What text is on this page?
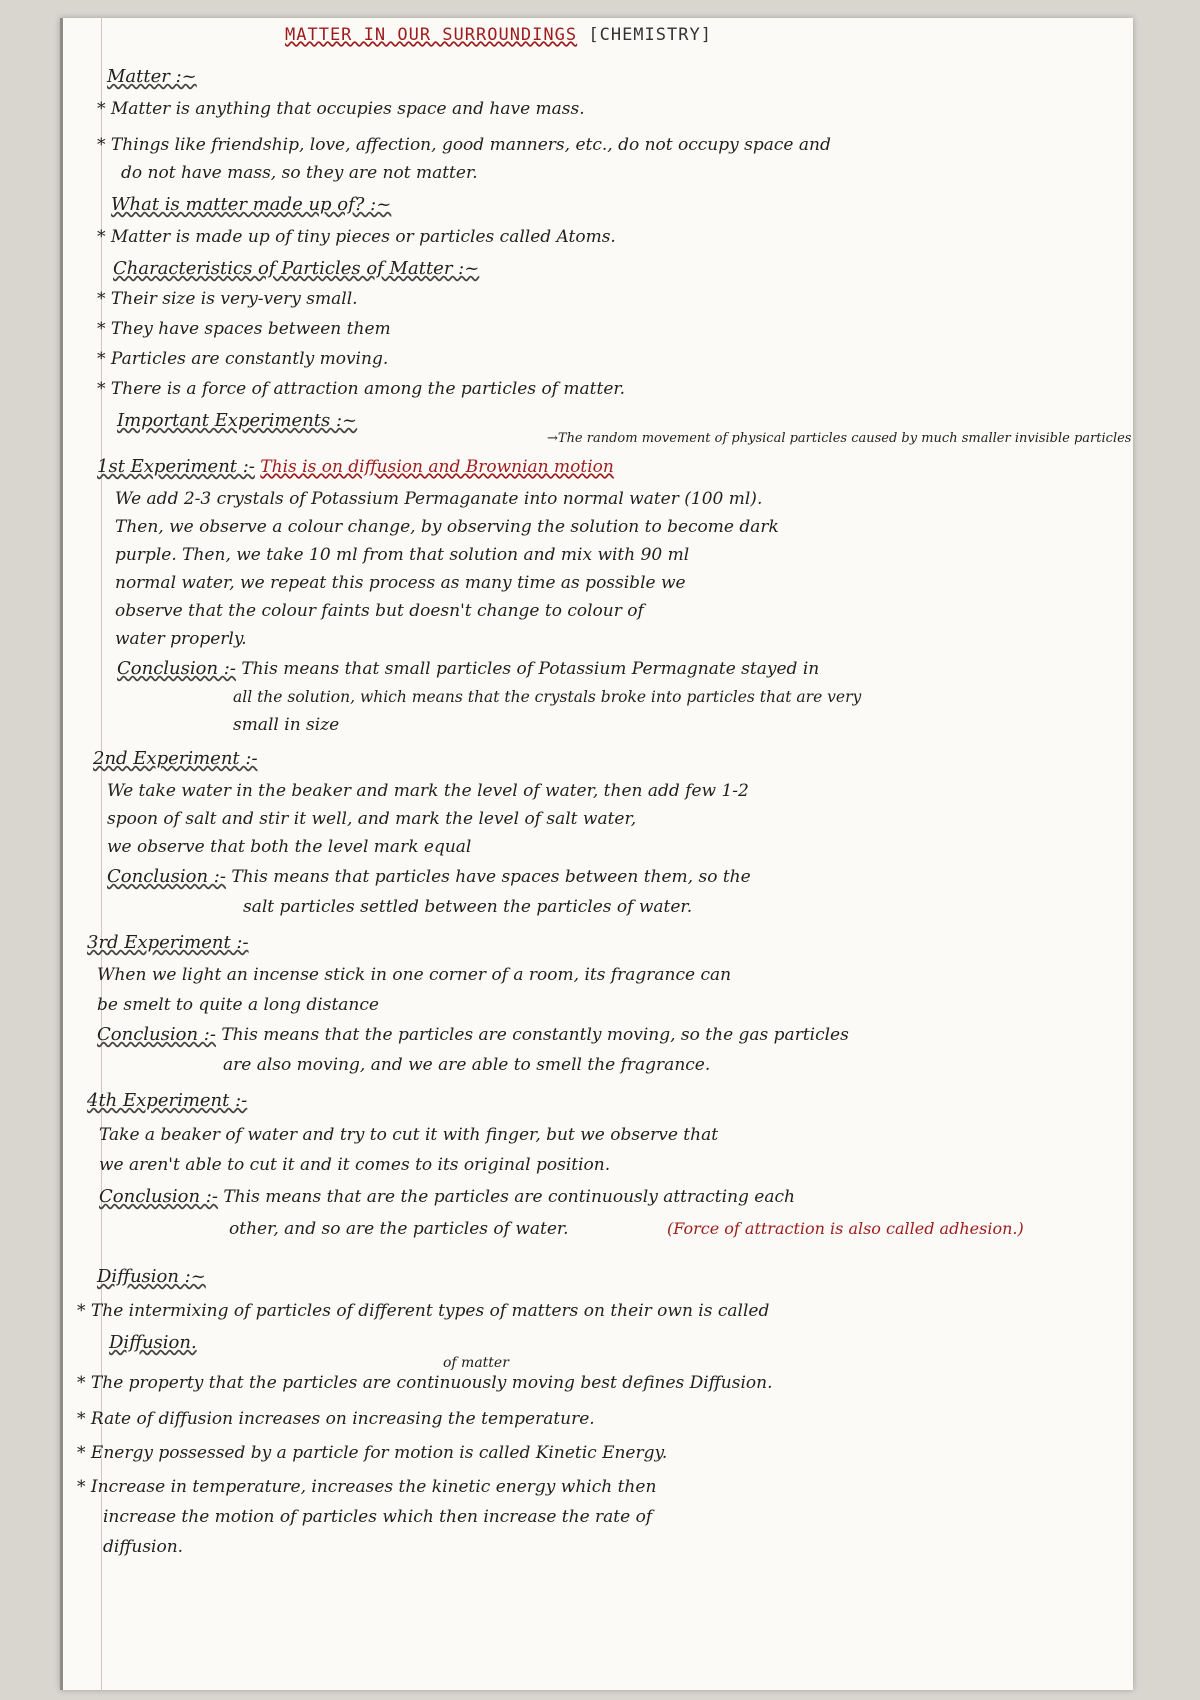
MATTER IN OUR SURROUNDINGS [CHEMISTRY]
Matter :~
* Matter is anything that occupies space and have mass.
* Things like friendship, love, affection, good manners, etc., do not occupy space and
do not have mass, so they are not matter.
What is matter made up of? :~
* Matter is made up of tiny pieces or particles called Atoms.
Characteristics of Particles of Matter :~
* Their size is very-very small.
* They have spaces between them
* Particles are constantly moving.
* There is a force of attraction among the particles of matter.
Important Experiments :~
→The random movement of physical particles caused by much smaller invisible particles
1st Experiment :- This is on diffusion and Brownian motion
We add 2-3 crystals of Potassium Permaganate into normal water (100 ml).
Then, we observe a colour change, by observing the solution to become dark
purple. Then, we take 10 ml from that solution and mix with 90 ml
normal water, we repeat this process as many time as possible we
observe that the colour faints but doesn't change to colour of
water properly.
Conclusion :- This means that small particles of Potassium Permagnate stayed in
all the solution, which means that the crystals broke into particles that are very
small in size
2nd Experiment :-
We take water in the beaker and mark the level of water, then add few 1-2
spoon of salt and stir it well, and mark the level of salt water,
we observe that both the level mark equal
Conclusion :- This means that particles have spaces between them, so the
salt particles settled between the particles of water.
3rd Experiment :-
When we light an incense stick in one corner of a room, its fragrance can
be smelt to quite a long distance
Conclusion :- This means that the particles are constantly moving, so the gas particles
are also moving, and we are able to smell the fragrance.
4th Experiment :-
Take a beaker of water and try to cut it with finger, but we observe that
we aren't able to cut it and it comes to its original position.
Conclusion :- This means that are the particles are continuously attracting each
other, and so are the particles of water.	(Force of attraction is also called adhesion.)
Diffusion :~
* The intermixing of particles of different types of matters on their own is called
Diffusion.
of matter
* The property that the particles are continuously moving best defines Diffusion.
* Rate of diffusion increases on increasing the temperature.
* Energy possessed by a particle for motion is called Kinetic Energy.
* Increase in temperature, increases the kinetic energy which then
increase the motion of particles which then increase the rate of
diffusion.
